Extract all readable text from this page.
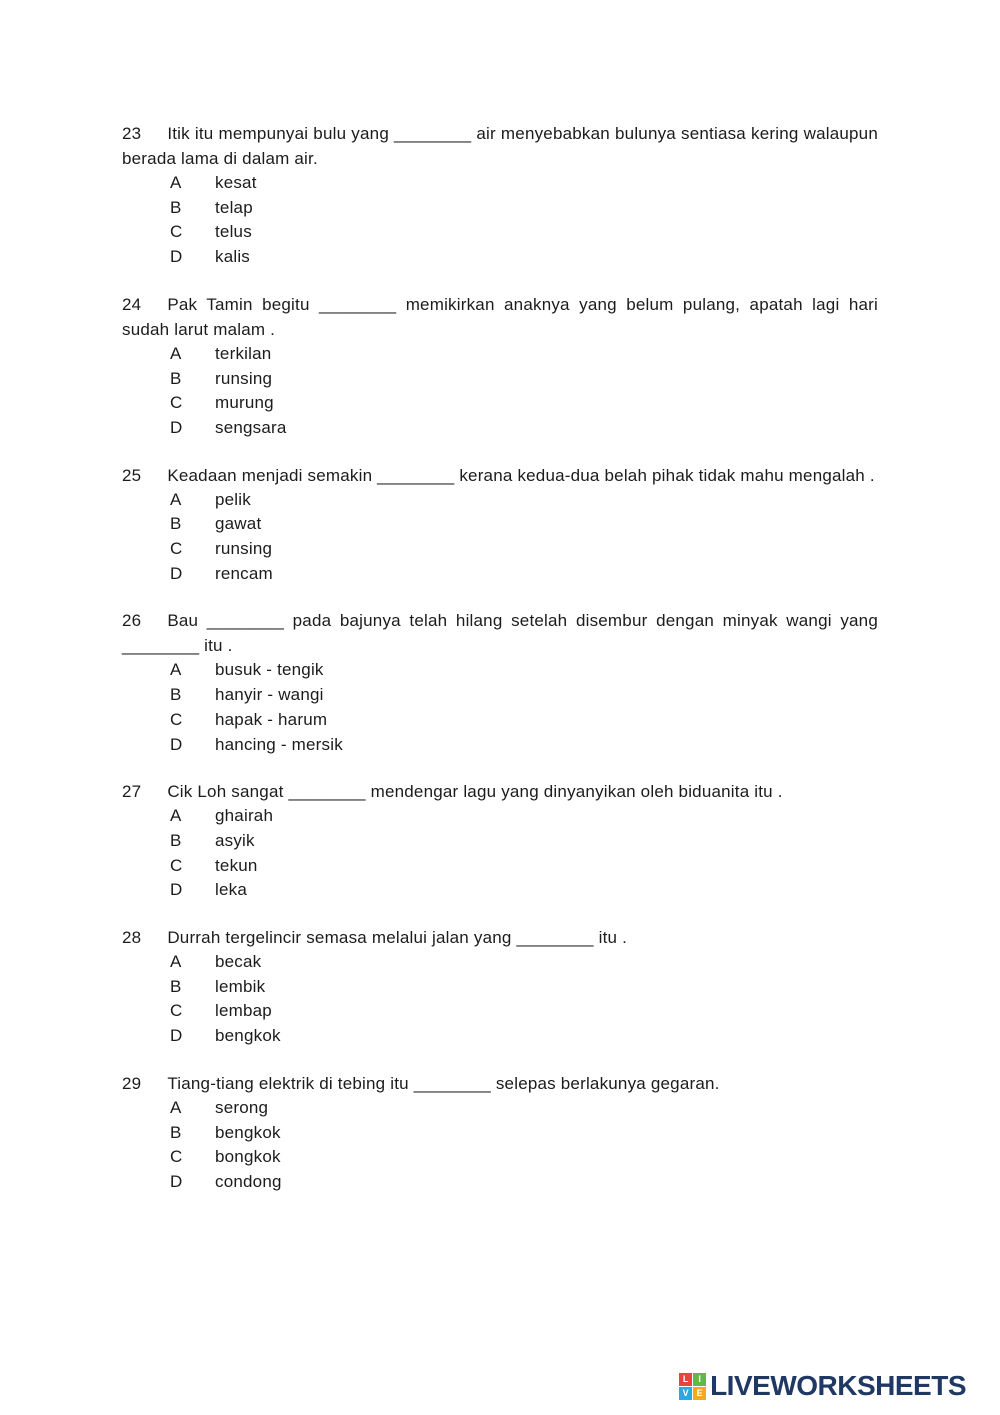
23 Itik itu mempunyai bulu yang ________ air menyebabkan bulunya sentiasa kering walaupun berada lama di dalam air.

A kesat
B telap
C telus
D kalis

24 Pak Tamin begitu ________ memikirkan anaknya yang belum pulang, apatah lagi hari sudah larut malam .

A terkilan
B runsing
C murung
D sengsara

25 Keadaan menjadi semakin ________ kerana kedua-dua belah pihak tidak mahu mengalah .

A pelik
B gawat
C runsing
D rencam

26 Bau ________ pada bajunya telah hilang setelah disembur dengan minyak wangi yang ________ itu .

A busuk - tengik
B hanyir - wangi
C hapak - harum
D hancing - mersik

27 Cik Loh sangat ________ mendengar lagu yang dinyanyikan oleh biduanita itu .

A ghairah
B asyik
C tekun
D leka

28 Durrah tergelincir semasa melalui jalan yang ________ itu .

A becak
B lembik
C lembap
D bengkok

29 Tiang-tiang elektrik di tebing itu ________ selepas berlakunya gegaran.

A serong
B bengkok
C bongkok
D condong
L	I
V E LIVEWORKSHEETS
